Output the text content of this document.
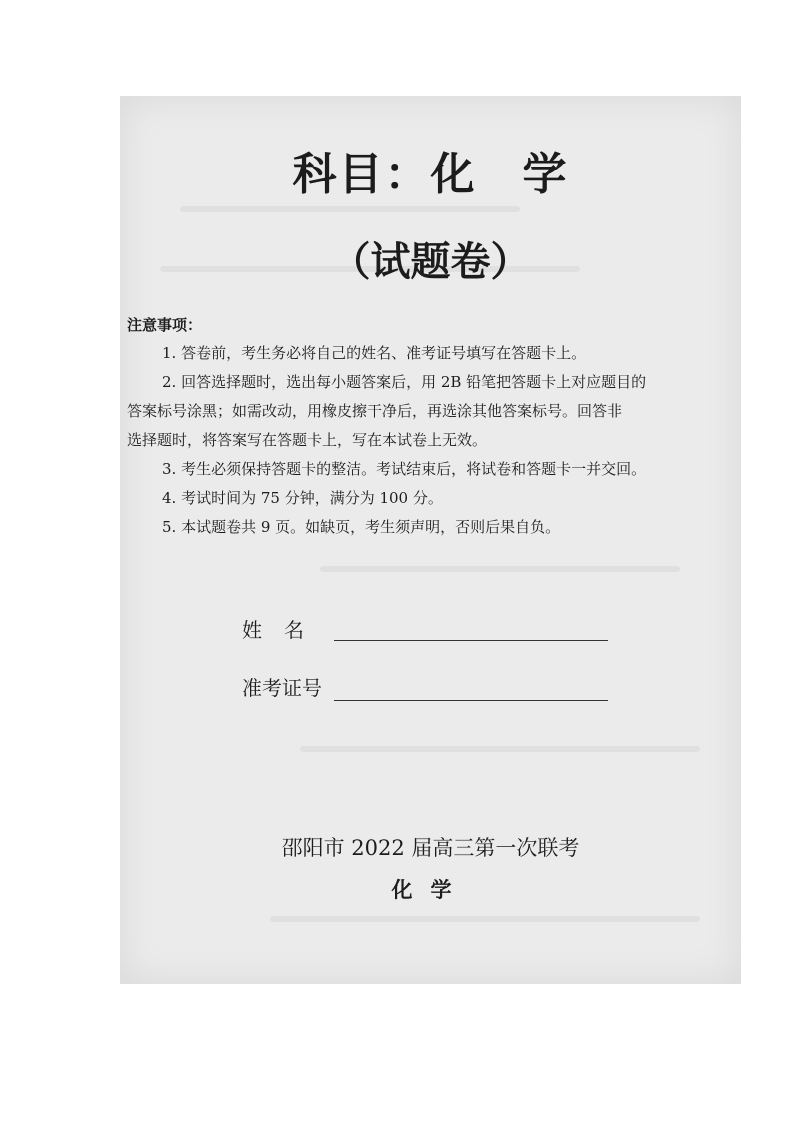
科目：化　学
（试题卷）
注意事项：
1. 答卷前，考生务必将自己的姓名、准考证号填写在答题卡上。
2. 回答选择题时，选出每小题答案后，用 2B 铅笔把答题卡上对应题目的
答案标号涂黑；如需改动，用橡皮擦干净后，再选涂其他答案标号。回答非
选择题时，将答案写在答题卡上，写在本试卷上无效。
3. 考生必须保持答题卡的整洁。考试结束后，将试卷和答题卡一并交回。
4. 考试时间为 75 分钟，满分为 100 分。
5. 本试题卷共 9 页。如缺页，考生须声明，否则后果自负。
姓名
准考证号
邵阳市 2022 届高三第一次联考
化学
